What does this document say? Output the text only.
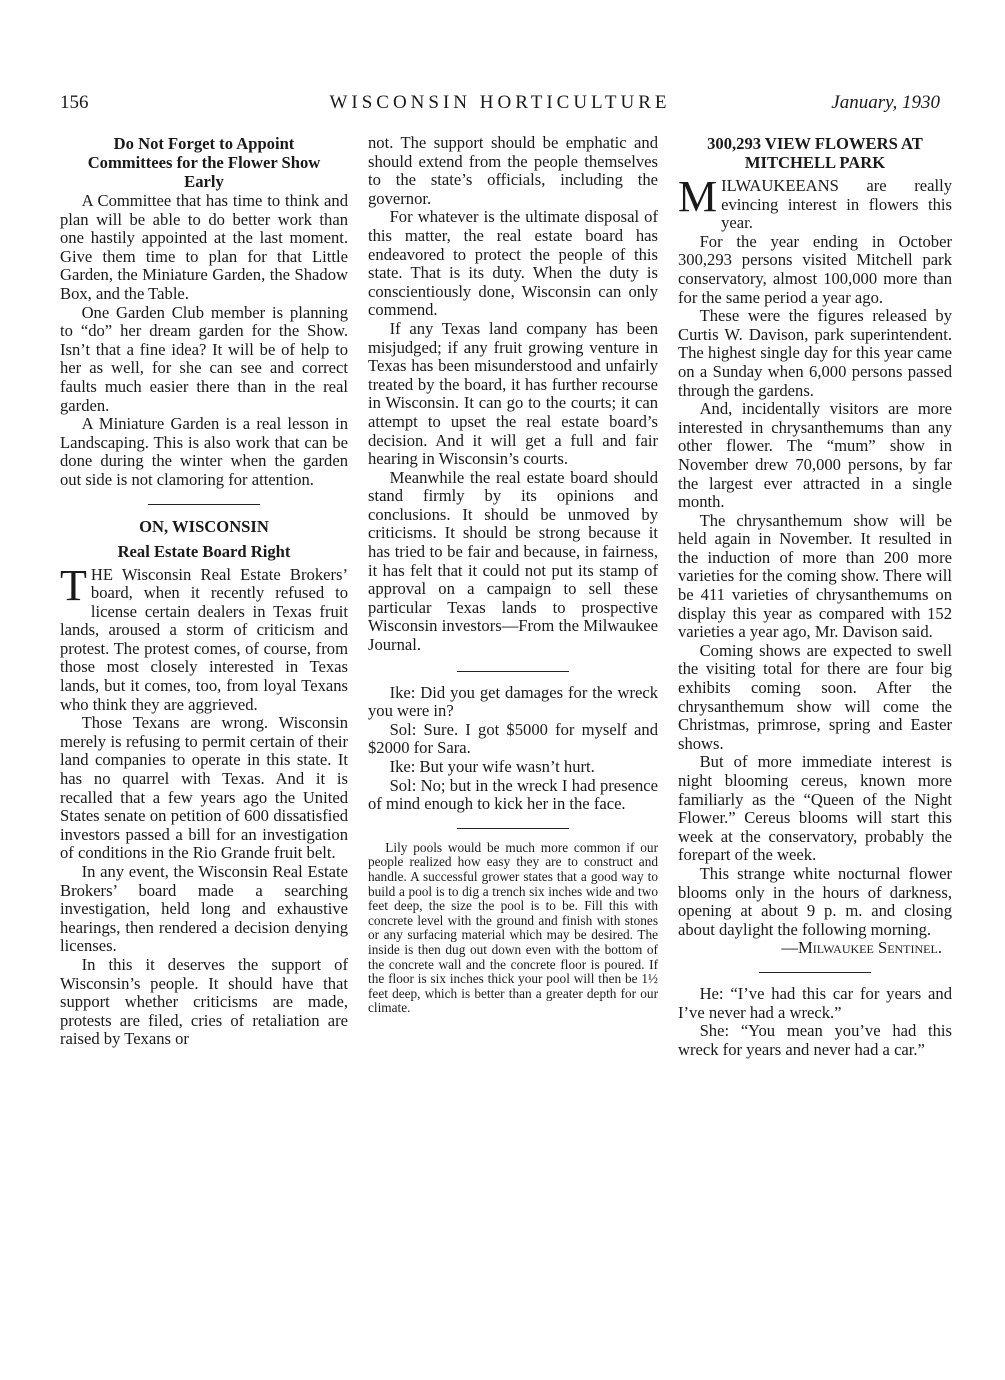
156	WISCONSIN HORTICULTURE	January, 1930
Do Not Forget to Appoint Committees for the Flower Show Early

A Committee that has time to think and plan will be able to do better work than one hastily appointed at the last moment. Give them time to plan for that Little Garden, the Miniature Garden, the Shadow Box, and the Table.

One Garden Club member is planning to “do” her dream garden for the Show. Isn’t that a fine idea? It will be of help to her as well, for she can see and correct faults much easier there than in the real garden.

A Miniature Garden is a real lesson in Landscaping. This is also work that can be done during the winter when the garden out side is not clamoring for attention.

ON, WISCONSIN
Real Estate Board Right

THE Wisconsin Real Estate Brokers’ board, when it recently refused to license certain dealers in Texas fruit lands, aroused a storm of criticism and protest. The protest comes, of course, from those most closely interested in Texas lands, but it comes, too, from loyal Texans who think they are aggrieved.

Those Texans are wrong. Wisconsin merely is refusing to permit certain of their land companies to operate in this state. It has no quarrel with Texas. And it is recalled that a few years ago the United States senate on petition of 600 dissatisfied investors passed a bill for an investigation of conditions in the Rio Grande fruit belt.

In any event, the Wisconsin Real Estate Brokers’ board made a searching investigation, held long and exhaustive hearings, then rendered a decision denying licenses.

In this it deserves the support of Wisconsin’s people. It should have that support whether criticisms are made, protests are filed, cries of retaliation are raised by Texans or

not. The support should be emphatic and should extend from the people themselves to the state’s officials, including the governor.

For whatever is the ultimate disposal of this matter, the real estate board has endeavored to protect the people of this state. That is its duty. When the duty is conscientiously done, Wisconsin can only commend.

If any Texas land company has been misjudged; if any fruit growing venture in Texas has been misunderstood and unfairly treated by the board, it has further recourse in Wisconsin. It can go to the courts; it can attempt to upset the real estate board’s decision. And it will get a full and fair hearing in Wisconsin’s courts.

Meanwhile the real estate board should stand firmly by its opinions and conclusions. It should be unmoved by criticisms. It should be strong because it has tried to be fair and because, in fairness, it has felt that it could not put its stamp of approval on a campaign to sell these particular Texas lands to prospective Wisconsin investors—From the Milwaukee Journal.

Ike: Did you get damages for the wreck you were in?

Sol: Sure. I got $5000 for myself and $2000 for Sara.

Ike: But your wife wasn’t hurt.

Sol: No; but in the wreck I had presence of mind enough to kick her in the face.

Lily pools would be much more common if our people realized how easy they are to construct and handle. A successful grower states that a good way to build a pool is to dig a trench six inches wide and two feet deep, the size the pool is to be. Fill this with concrete level with the ground and finish with stones or any surfacing material which may be desired. The inside is then dug out down even with the bottom of the concrete wall and the concrete floor is poured. If the floor is six inches thick your pool will then be 1½ feet deep, which is better than a greater depth for our climate.

300,293 VIEW FLOWERS AT MITCHELL PARK

MILWAUKEEANS are really evincing interest in flowers this year.

For the year ending in October 300,293 persons visited Mitchell park conservatory, almost 100,000 more than for the same period a year ago.

These were the figures released by Curtis W. Davison, park superintendent. The highest single day for this year came on a Sunday when 6,000 persons passed through the gardens.

And, incidentally visitors are more interested in chrysanthemums than any other flower. The “mum” show in November drew 70,000 persons, by far the largest ever attracted in a single month.

The chrysanthemum show will be held again in November. It resulted in the induction of more than 200 more varieties for the coming show. There will be 411 varieties of chrysanthemums on display this year as compared with 152 varieties a year ago, Mr. Davison said.

Coming shows are expected to swell the visiting total for there are four big exhibits coming soon. After the chrysanthemum show will come the Christmas, primrose, spring and Easter shows.

But of more immediate interest is night blooming cereus, known more familiarly as the “Queen of the Night Flower.” Cereus blooms will start this week at the conservatory, probably the forepart of the week.

This strange white nocturnal flower blooms only in the hours of darkness, opening at about 9 p. m. and closing about daylight the following morning.

—Milwaukee Sentinel.

He: “I’ve had this car for years and I’ve never had a wreck.”

She: “You mean you’ve had this wreck for years and never had a car.”
